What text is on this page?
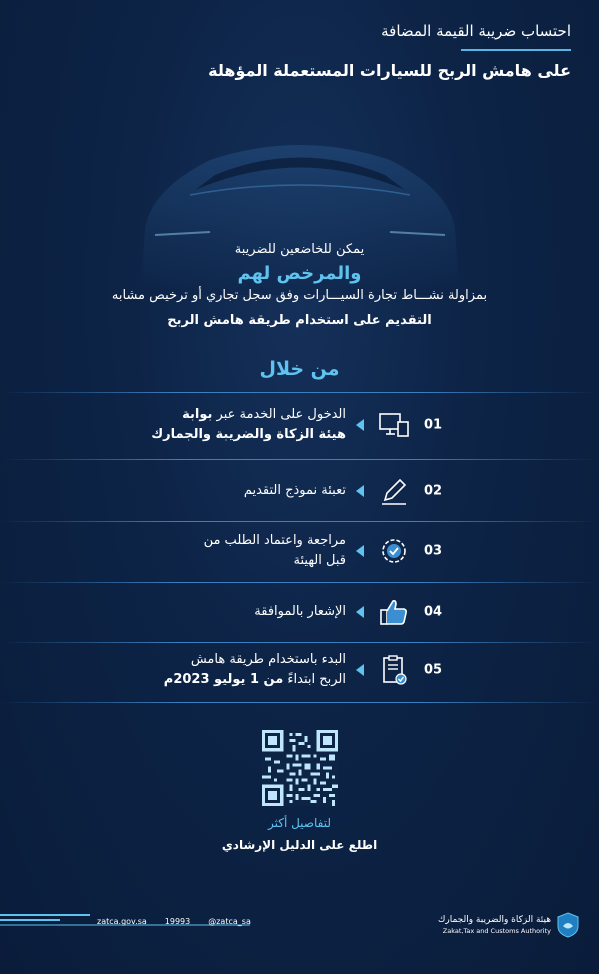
احتساب ضريبة القيمة المضافة
على هامش الربح للسيارات المستعملة المؤهلة
يمكن للخاضعين للضريبة
والمرخص لهم
بمزاولة نشـــاط تجارة السيـــارات وفق سجل تجاري أو ترخيص مشابه
التقديم على استخدام طريقة هامش الربح
من خلال
01
الدخول على الخدمة عبر بوابة
هيئة الزكاة والضريبة والجمارك
02
تعبئة نموذج التقديم
03
مراجعة واعتماد الطلب من
قبل الهيئة
04
الإشعار بالموافقة
05
البدء باستخدام طريقة هامش
الربح ابتداءً من 1 يوليو 2023م
لتفاصيل أكثر
اطلع على الدليل الإرشادي
zatca.gov.sa 19993 @zatca_sa	هيئة الزكاة والضريبة والجمارك
Zakat,Tax and Customs Authority
